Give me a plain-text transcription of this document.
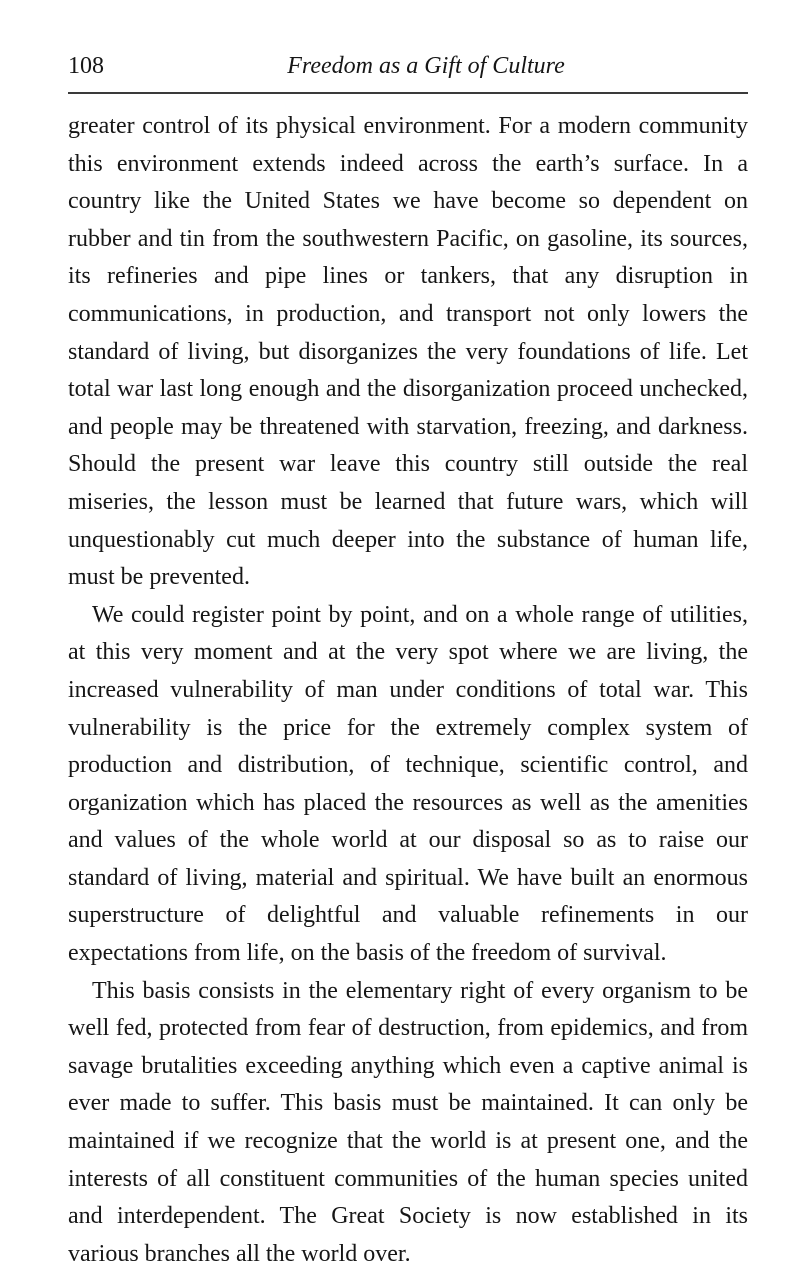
108	Freedom as a Gift of Culture

greater control of its physical environment. For a modern community this environment extends indeed across the earth’s surface. In a country like the United States we have become so dependent on rubber and tin from the southwestern Pacific, on gasoline, its sources, its refineries and pipe lines or tankers, that any disruption in communications, in production, and transport not only lowers the standard of living, but disorganizes the very foundations of life. Let total war last long enough and the disorganization proceed unchecked, and people may be threatened with starvation, freezing, and darkness. Should the present war leave this country still outside the real miseries, the lesson must be learned that future wars, which will unquestionably cut much deeper into the substance of human life, must be prevented.

We could register point by point, and on a whole range of utilities, at this very moment and at the very spot where we are living, the increased vulnerability of man under conditions of total war. This vulnerability is the price for the extremely complex system of production and distribution, of technique, scientific control, and organization which has placed the resources as well as the amenities and values of the whole world at our disposal so as to raise our standard of living, material and spiritual. We have built an enormous superstructure of delightful and valuable refinements in our expectations from life, on the basis of the freedom of survival.

This basis consists in the elementary right of every organism to be well fed, protected from fear of destruction, from epidemics, and from savage brutalities exceeding anything which even a captive animal is ever made to suffer. This basis must be maintained. It can only be maintained if we recognize that the world is at present one, and the interests of all constituent communities of the human species united and interdependent. The Great Society is now established in its various branches all the world over.
